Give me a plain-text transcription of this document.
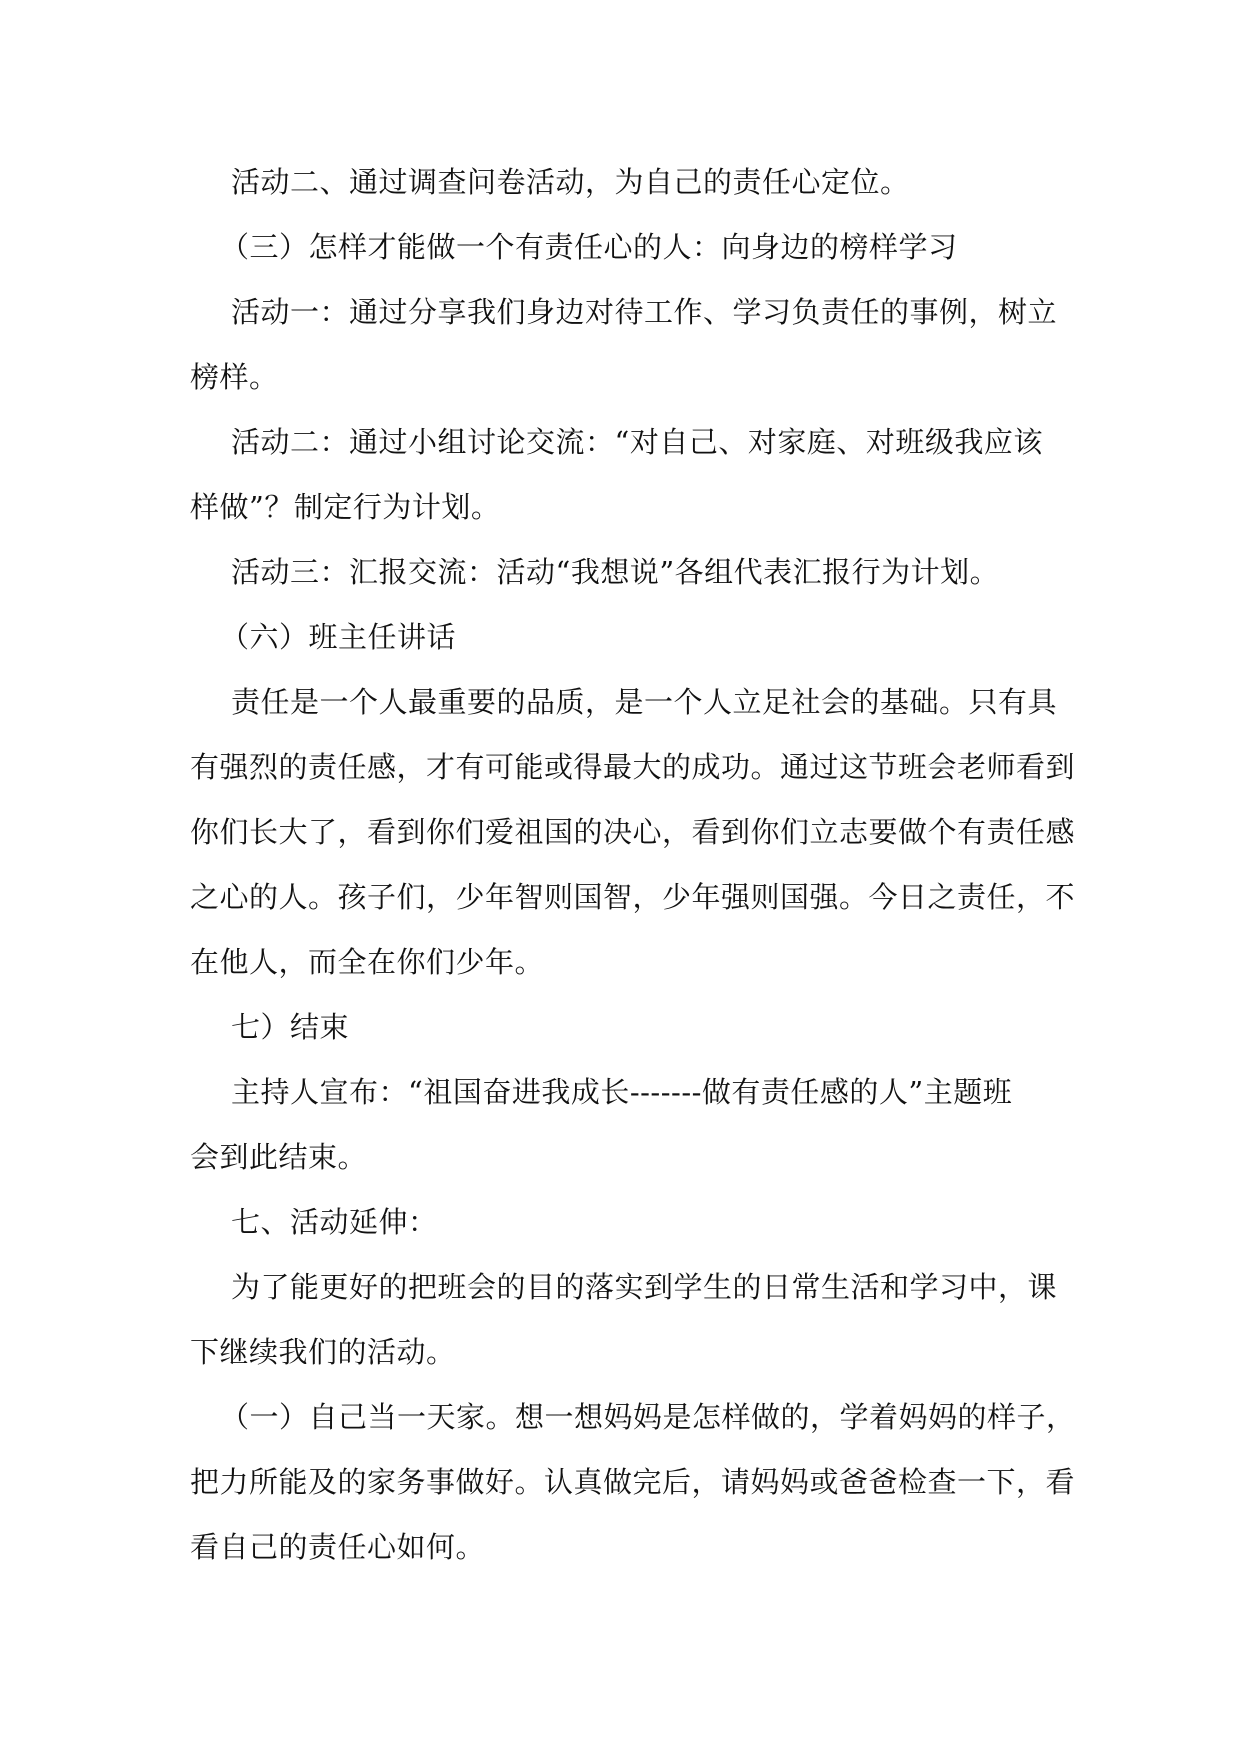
活动二、通过调查问卷活动，为自己的责任心定位。
（三）怎样才能做一个有责任心的人：向身边的榜样学习
活动一：通过分享我们身边对待工作、学习负责任的事例，树立
榜样。
活动二：通过小组讨论交流：“对自己、对家庭、对班级我应该
样做”？制定行为计划。
活动三：汇报交流：活动“我想说”各组代表汇报行为计划。
（六）班主任讲话
责任是一个人最重要的品质，是一个人立足社会的基础。只有具
有强烈的责任感，才有可能或得最大的成功。通过这节班会老师看到
你们长大了，看到你们爱祖国的决心，看到你们立志要做个有责任感
之心的人。孩子们，少年智则国智，少年强则国强。今日之责任，不
在他人，而全在你们少年。
七）结束
主持人宣布：“祖国奋进我成长-------做有责任感的人”主题班
会到此结束。
七、活动延伸：
为了能更好的把班会的目的落实到学生的日常生活和学习中，课
下继续我们的活动。
（一）自己当一天家。想一想妈妈是怎样做的，学着妈妈的样子，
把力所能及的家务事做好。认真做完后，请妈妈或爸爸检查一下，看
看自己的责任心如何。
